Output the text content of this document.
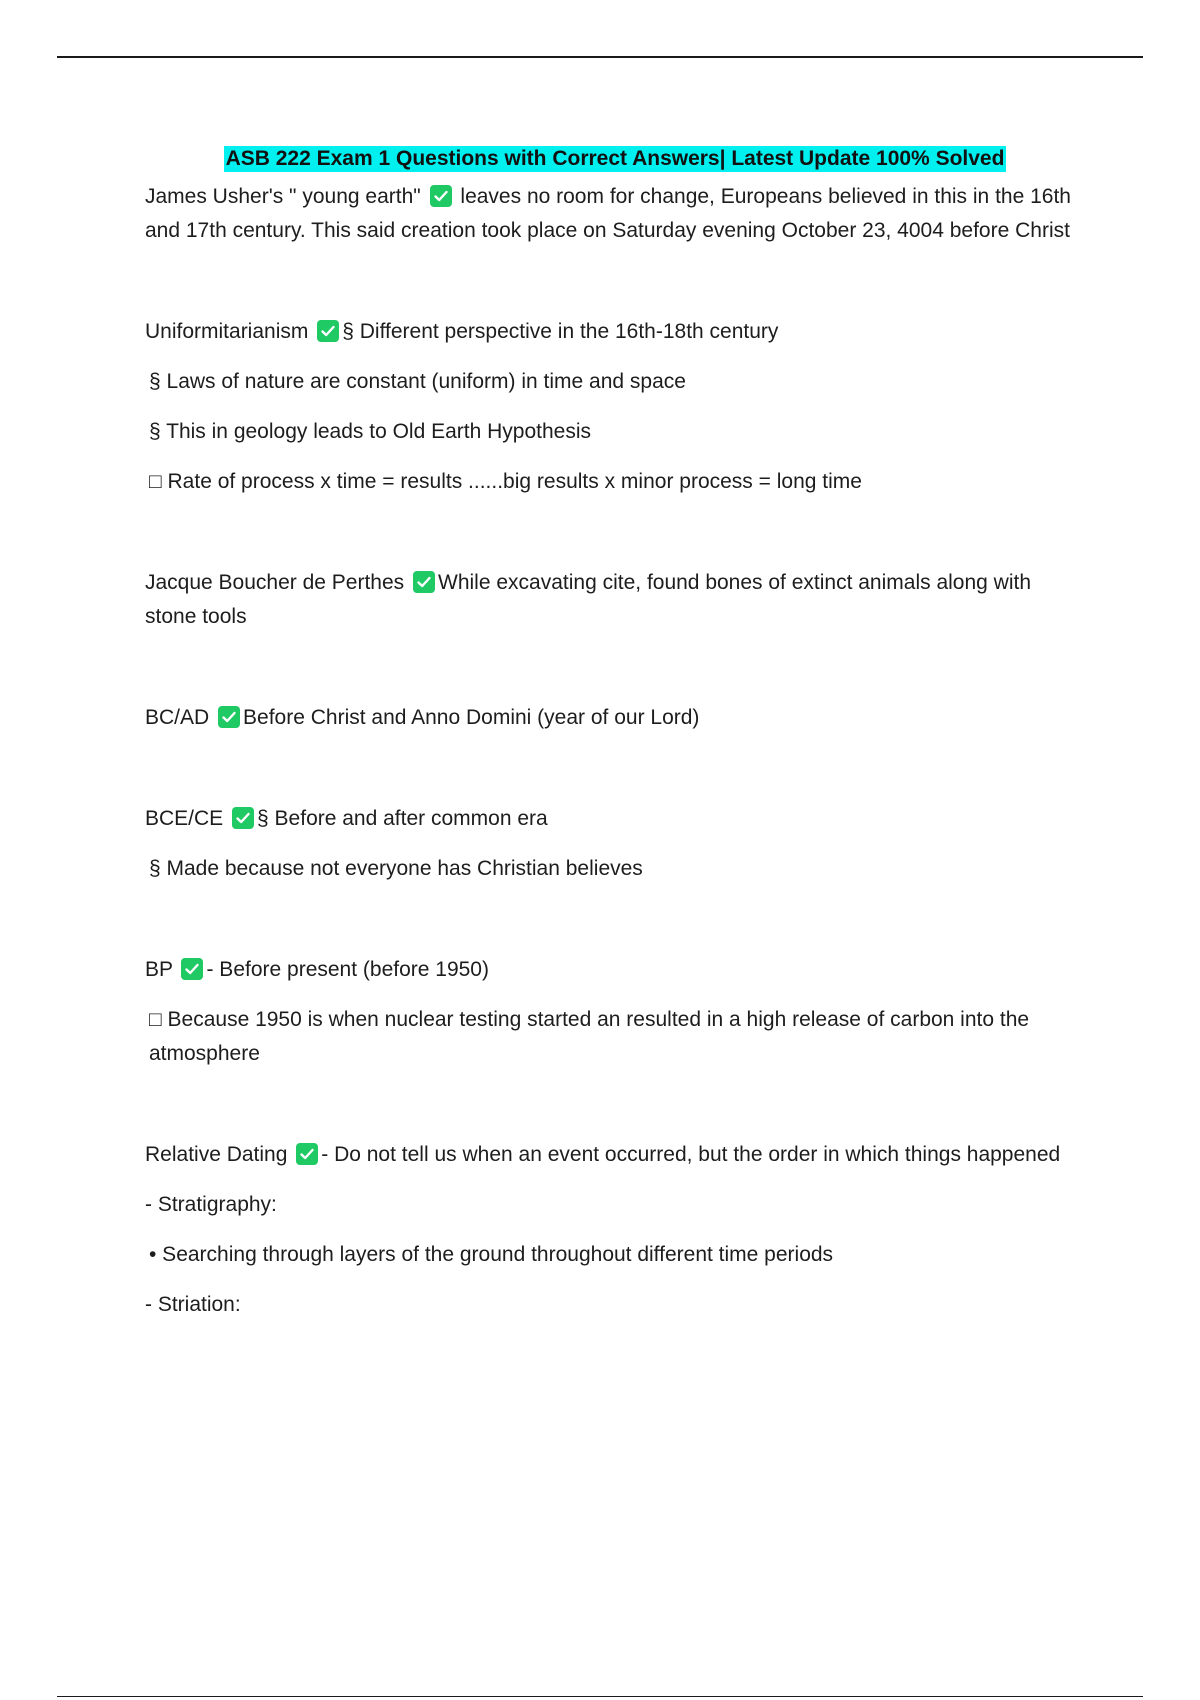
ASB 222 Exam 1 Questions with Correct Answers| Latest Update 100% Solved
James Usher's " young earth" leaves no room for change, Europeans believed in this in the 16th and 17th century. This said creation took place on Saturday evening October 23, 4004 before Christ
Uniformitarianism § Different perspective in the 16th-18th century
§ Laws of nature are constant (uniform) in time and space
§ This in geology leads to Old Earth Hypothesis
□ Rate of process x time = results ......big results x minor process = long time
Jacque Boucher de Perthes While excavating cite, found bones of extinct animals along with stone tools
BC/AD Before Christ and Anno Domini (year of our Lord)
BCE/CE § Before and after common era
§ Made because not everyone has Christian believes
BP - Before present (before 1950)
□ Because 1950 is when nuclear testing started an resulted in a high release of carbon into the atmosphere
Relative Dating - Do not tell us when an event occurred, but the order in which things happened
- Stratigraphy:
• Searching through layers of the ground throughout different time periods
- Striation:
